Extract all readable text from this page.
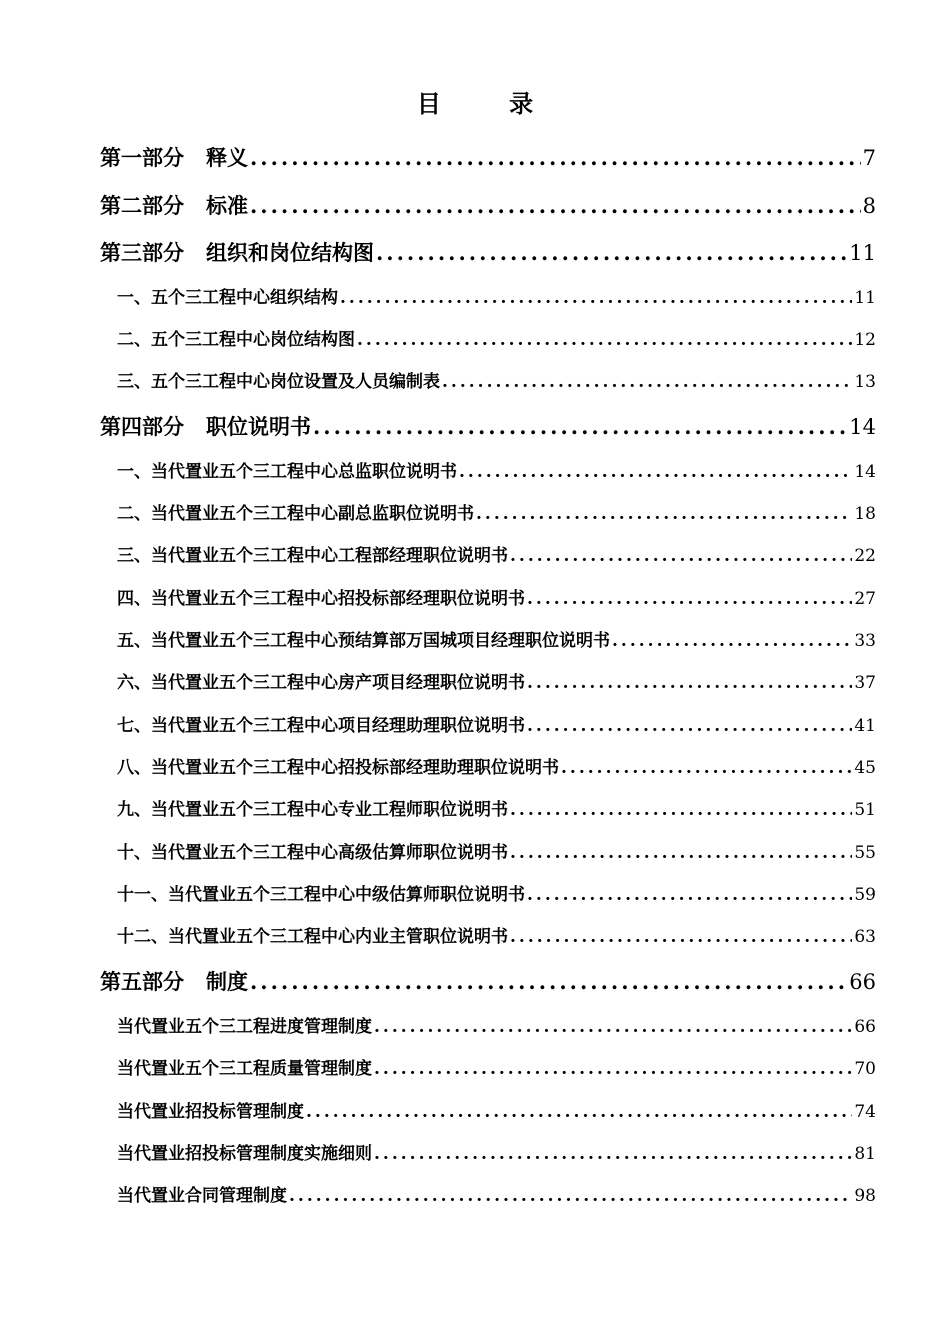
目 录
第一部分 释义 .....	7
第二部分 标准 .....	8
第三部分 组织和岗位结构图 .....	11
一、五个三工程中心组织结构 .....	11
二、五个三工程中心岗位结构图 .....	12
三、五个三工程中心岗位设置及人员编制表 .....	13
第四部分 职位说明书 .....	14
一、当代置业五个三工程中心总监职位说明书 .....	14
二、当代置业五个三工程中心副总监职位说明书 .....	18
三、当代置业五个三工程中心工程部经理职位说明书 .....	22
四、当代置业五个三工程中心招投标部经理职位说明书 .....	27
五、当代置业五个三工程中心预结算部万国城项目经理职位说明书 .....	33
六、当代置业五个三工程中心房产项目经理职位说明书 .....	37
七、当代置业五个三工程中心项目经理助理职位说明书 .....	41
八、当代置业五个三工程中心招投标部经理助理职位说明书 .....	45
九、当代置业五个三工程中心专业工程师职位说明书 .....	51
十、当代置业五个三工程中心高级估算师职位说明书 .....	55
十一、当代置业五个三工程中心中级估算师职位说明书 .....	59
十二、当代置业五个三工程中心内业主管职位说明书 .....	63
第五部分 制度 .....	66
当代置业五个三工程进度管理制度 .....	66
当代置业五个三工程质量管理制度 .....	70
当代置业招投标管理制度 .....	74
当代置业招投标管理制度实施细则 .....	81
当代置业合同管理制度 .....	98
